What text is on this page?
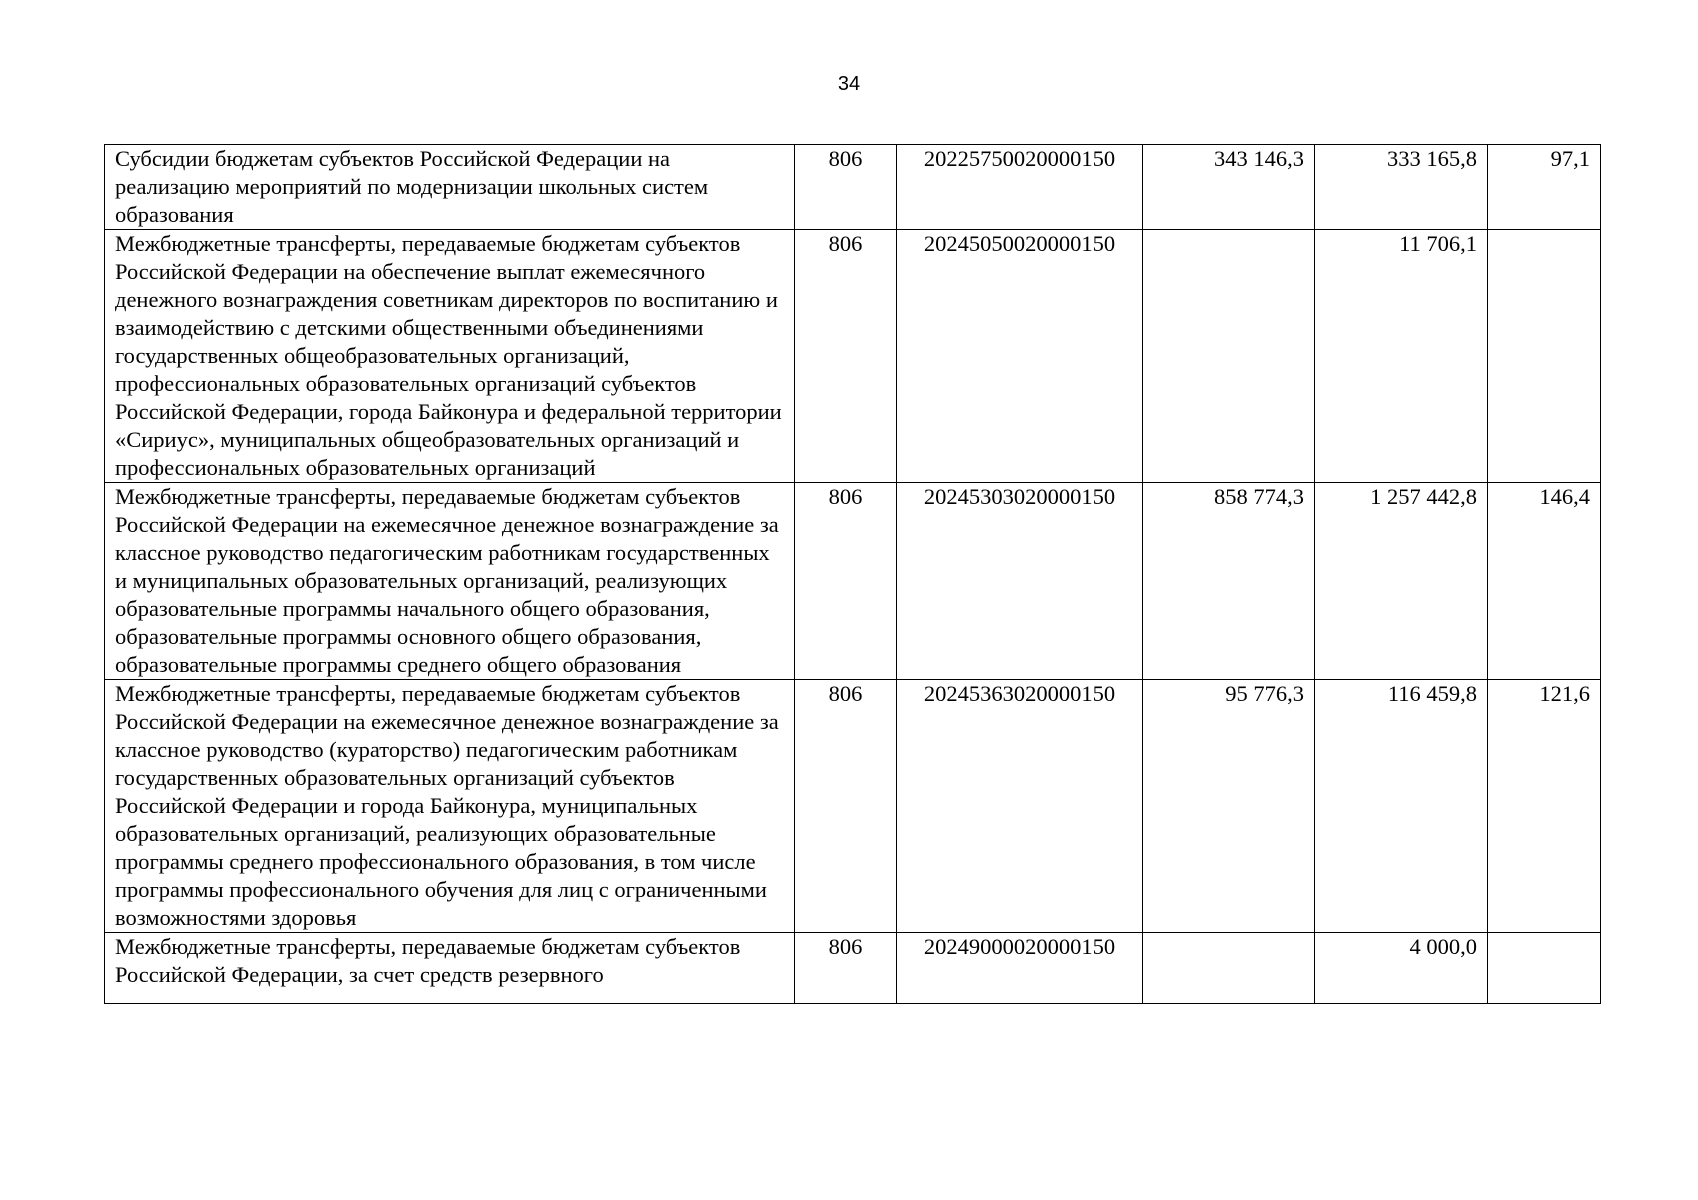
34
Субсидии бюджетам субъектов Российской Федерации на реализацию мероприятий по модернизации школьных систем образования	806	20225750020000150	343 146,3	333 165,8	97,1
Межбюджетные трансферты, передаваемые бюджетам субъектов Российской Федерации на обеспечение выплат ежемесячного денежного вознаграждения советникам директоров по воспитанию и взаимодействию с детскими общественными объединениями государственных общеобразовательных организаций, профессиональных образовательных организаций субъектов Российской Федерации, города Байконура и федеральной территории «Сириус», муниципальных общеобразовательных организаций и профессиональных образовательных организаций	806	20245050020000150		11 706,1	
Межбюджетные трансферты, передаваемые бюджетам субъектов Российской Федерации на ежемесячное денежное вознаграждение за классное руководство педагогическим работникам государственных и муниципальных образовательных организаций, реализующих образовательные программы начального общего образования, образовательные программы основного общего образования, образовательные программы среднего общего образования	806	20245303020000150	858 774,3	1 257 442,8	146,4
Межбюджетные трансферты, передаваемые бюджетам субъектов Российской Федерации на ежемесячное денежное вознаграждение за классное руководство (кураторство) педагогическим работникам государственных образовательных организаций субъектов Российской Федерации и города Байконура, муниципальных образовательных организаций, реализующих образовательные программы среднего профессионального образования, в том числе программы профессионального обучения для лиц с ограниченными возможностями здоровья	806	20245363020000150	95 776,3	116 459,8	121,6
Межбюджетные трансферты, передаваемые бюджетам субъектов Российской Федерации, за счет средств резервного	806	20249000020000150		4 000,0	
